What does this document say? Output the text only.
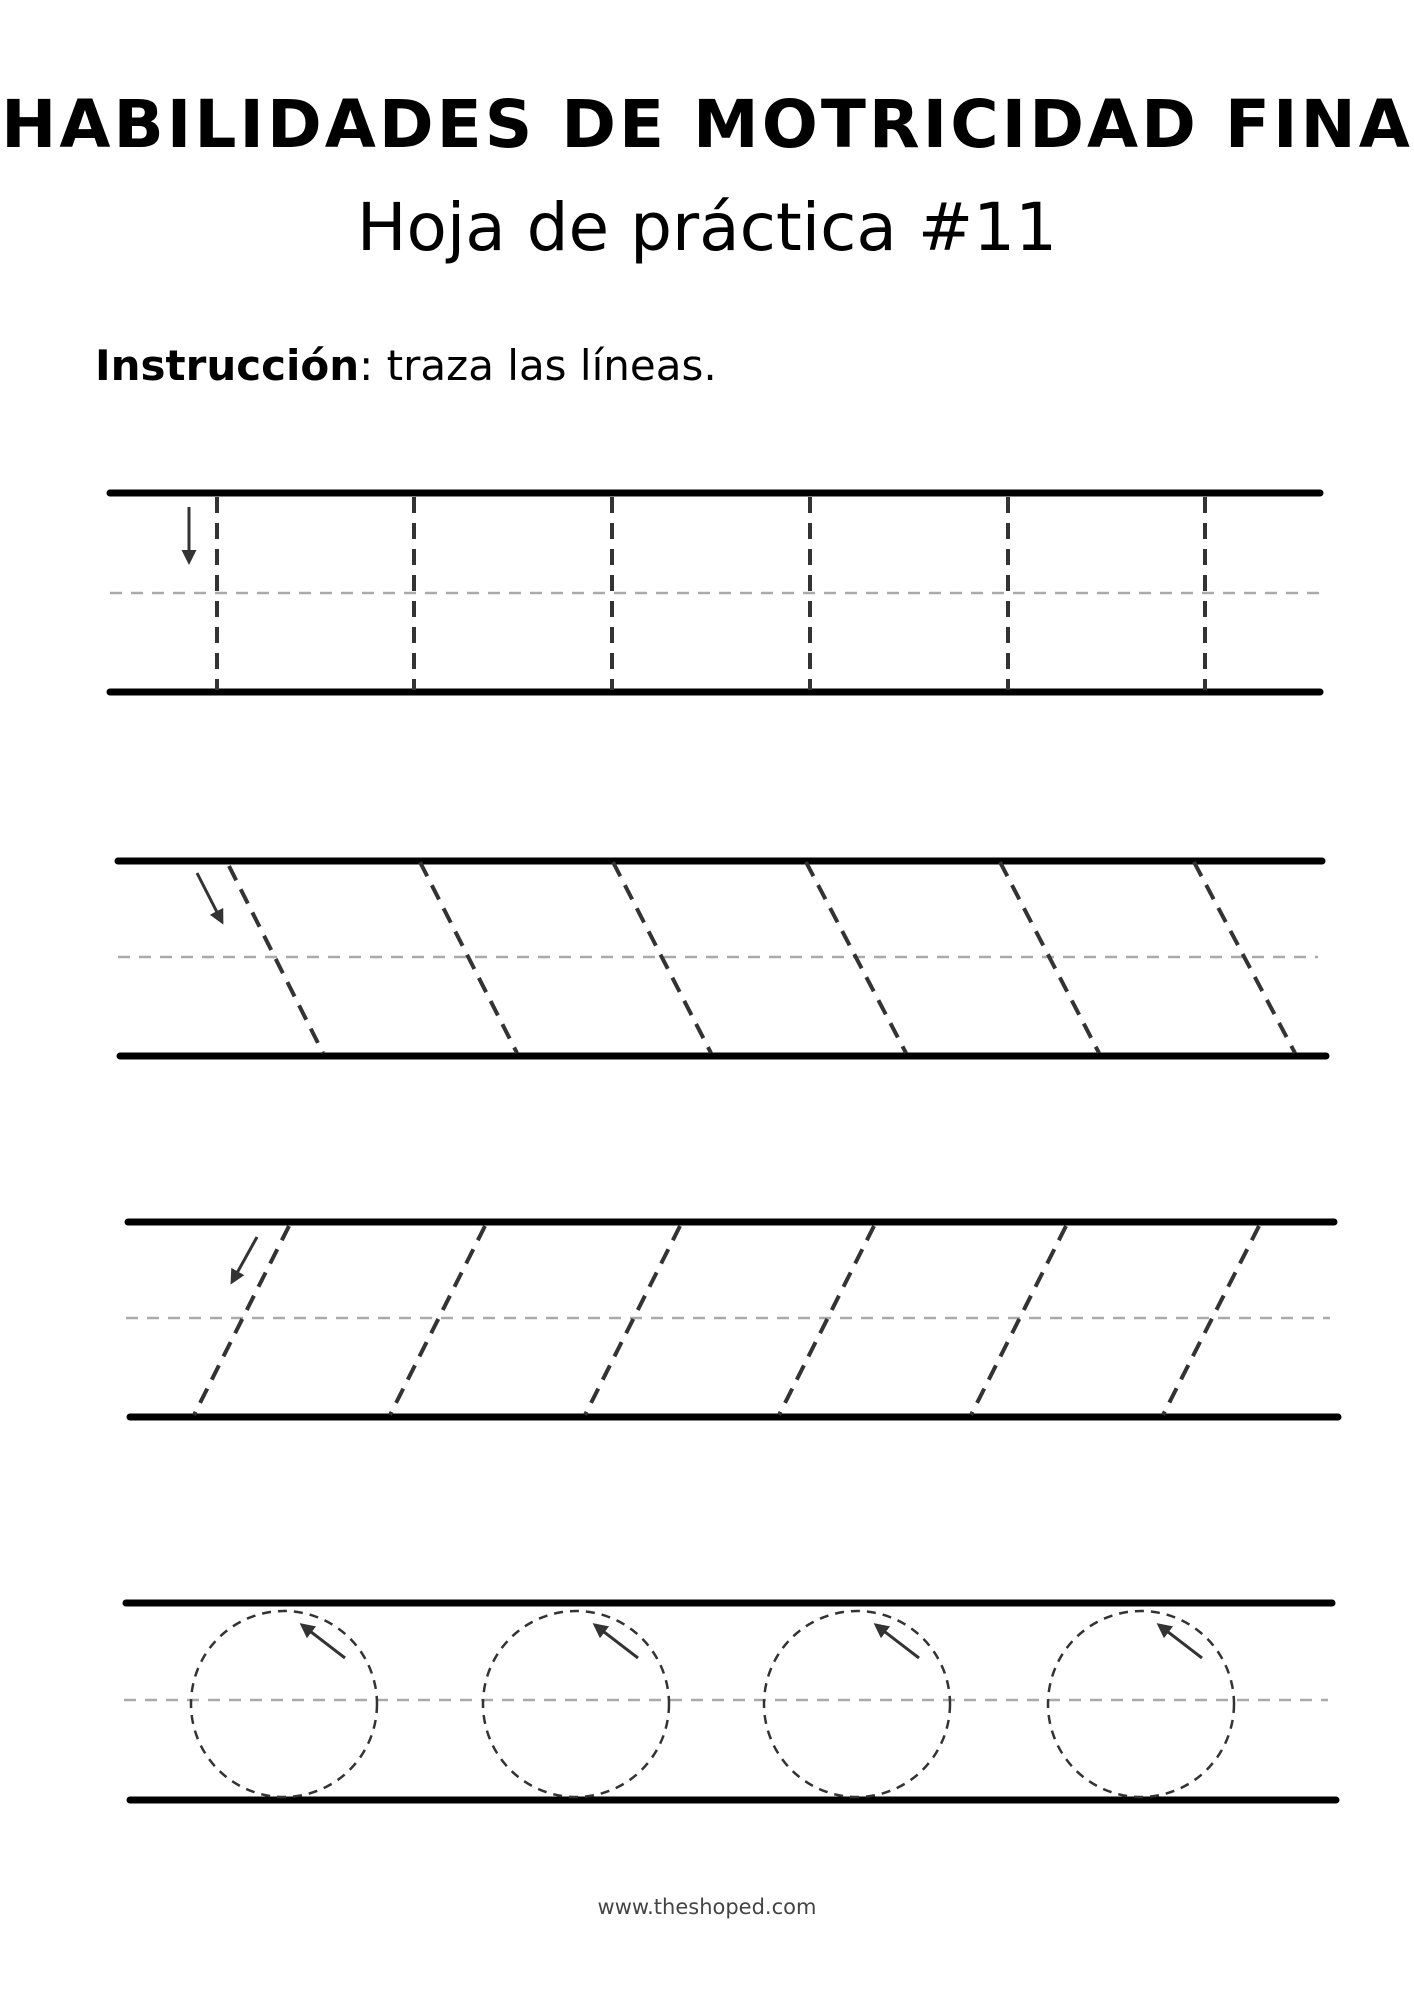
HABILIDADES DE MOTRICIDAD FINA
Hoja de práctica #11
Instrucción: traza las líneas.
www.theshoped.com
